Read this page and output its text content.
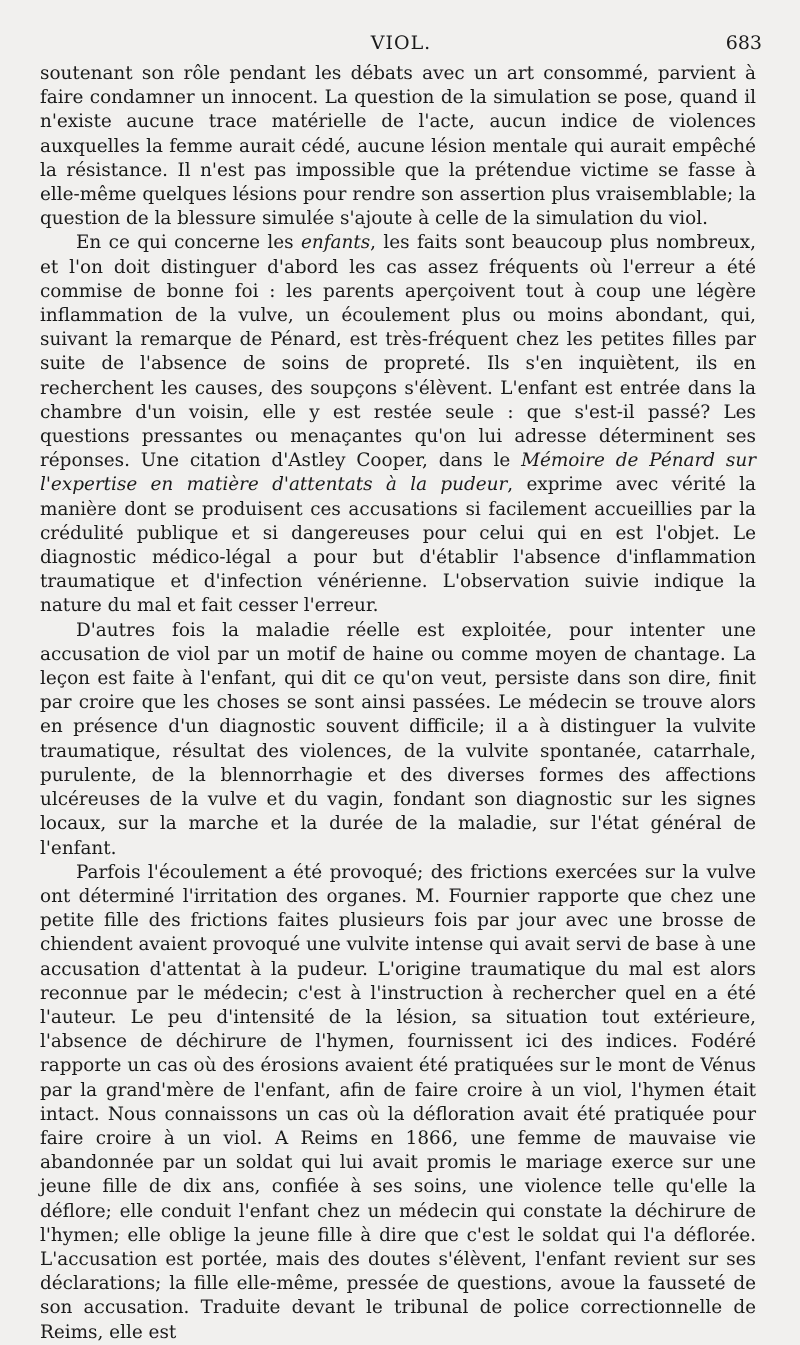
VIOL.	683

soutenant son rôle pendant les débats avec un art consommé, parvient à faire condamner un innocent. La question de la simulation se pose, quand il n'existe aucune trace matérielle de l'acte, aucun indice de violences auxquelles la femme aurait cédé, aucune lésion mentale qui aurait empêché la résistance. Il n'est pas impossible que la prétendue victime se fasse à elle-même quelques lésions pour rendre son assertion plus vraisemblable; la question de la blessure simulée s'ajoute à celle de la simulation du viol.

En ce qui concerne les enfants, les faits sont beaucoup plus nombreux, et l'on doit distinguer d'abord les cas assez fréquents où l'erreur a été commise de bonne foi : les parents aperçoivent tout à coup une légère inflammation de la vulve, un écoulement plus ou moins abondant, qui, suivant la remarque de Pénard, est très-fréquent chez les petites filles par suite de l'absence de soins de propreté. Ils s'en inquiètent, ils en recherchent les causes, des soupçons s'élèvent. L'enfant est entrée dans la chambre d'un voisin, elle y est restée seule : que s'est-il passé? Les questions pressantes ou menaçantes qu'on lui adresse déterminent ses réponses. Une citation d'Astley Cooper, dans le Mémoire de Pénard sur l'expertise en matière d'attentats à la pudeur, exprime avec vérité la manière dont se produisent ces accusations si facilement accueillies par la crédulité publique et si dangereuses pour celui qui en est l'objet. Le diagnostic médico-légal a pour but d'établir l'absence d'inflammation traumatique et d'infection vénérienne. L'observation suivie indique la nature du mal et fait cesser l'erreur.

D'autres fois la maladie réelle est exploitée, pour intenter une accusation de viol par un motif de haine ou comme moyen de chantage. La leçon est faite à l'enfant, qui dit ce qu'on veut, persiste dans son dire, finit par croire que les choses se sont ainsi passées. Le médecin se trouve alors en présence d'un diagnostic souvent difficile; il a à distinguer la vulvite traumatique, résultat des violences, de la vulvite spontanée, catarrhale, purulente, de la blennorrhagie et des diverses formes des affections ulcéreuses de la vulve et du vagin, fondant son diagnostic sur les signes locaux, sur la marche et la durée de la maladie, sur l'état général de l'enfant.

Parfois l'écoulement a été provoqué; des frictions exercées sur la vulve ont déterminé l'irritation des organes. M. Fournier rapporte que chez une petite fille des frictions faites plusieurs fois par jour avec une brosse de chiendent avaient provoqué une vulvite intense qui avait servi de base à une accusation d'attentat à la pudeur. L'origine traumatique du mal est alors reconnue par le médecin; c'est à l'instruction à rechercher quel en a été l'auteur. Le peu d'intensité de la lésion, sa situation tout extérieure, l'absence de déchirure de l'hymen, fournissent ici des indices. Fodéré rapporte un cas où des érosions avaient été pratiquées sur le mont de Vénus par la grand'mère de l'enfant, afin de faire croire à un viol, l'hymen était intact. Nous connaissons un cas où la défloration avait été pratiquée pour faire croire à un viol. A Reims en 1866, une femme de mauvaise vie abandonnée par un soldat qui lui avait promis le mariage exerce sur une jeune fille de dix ans, confiée à ses soins, une violence telle qu'elle la déflore; elle conduit l'enfant chez un médecin qui constate la déchirure de l'hymen; elle oblige la jeune fille à dire que c'est le soldat qui l'a déflorée. L'accusation est portée, mais des doutes s'élèvent, l'enfant revient sur ses déclarations; la fille elle-même, pressée de questions, avoue la fausseté de son accusation. Traduite devant le tribunal de police correctionnelle de Reims, elle est
